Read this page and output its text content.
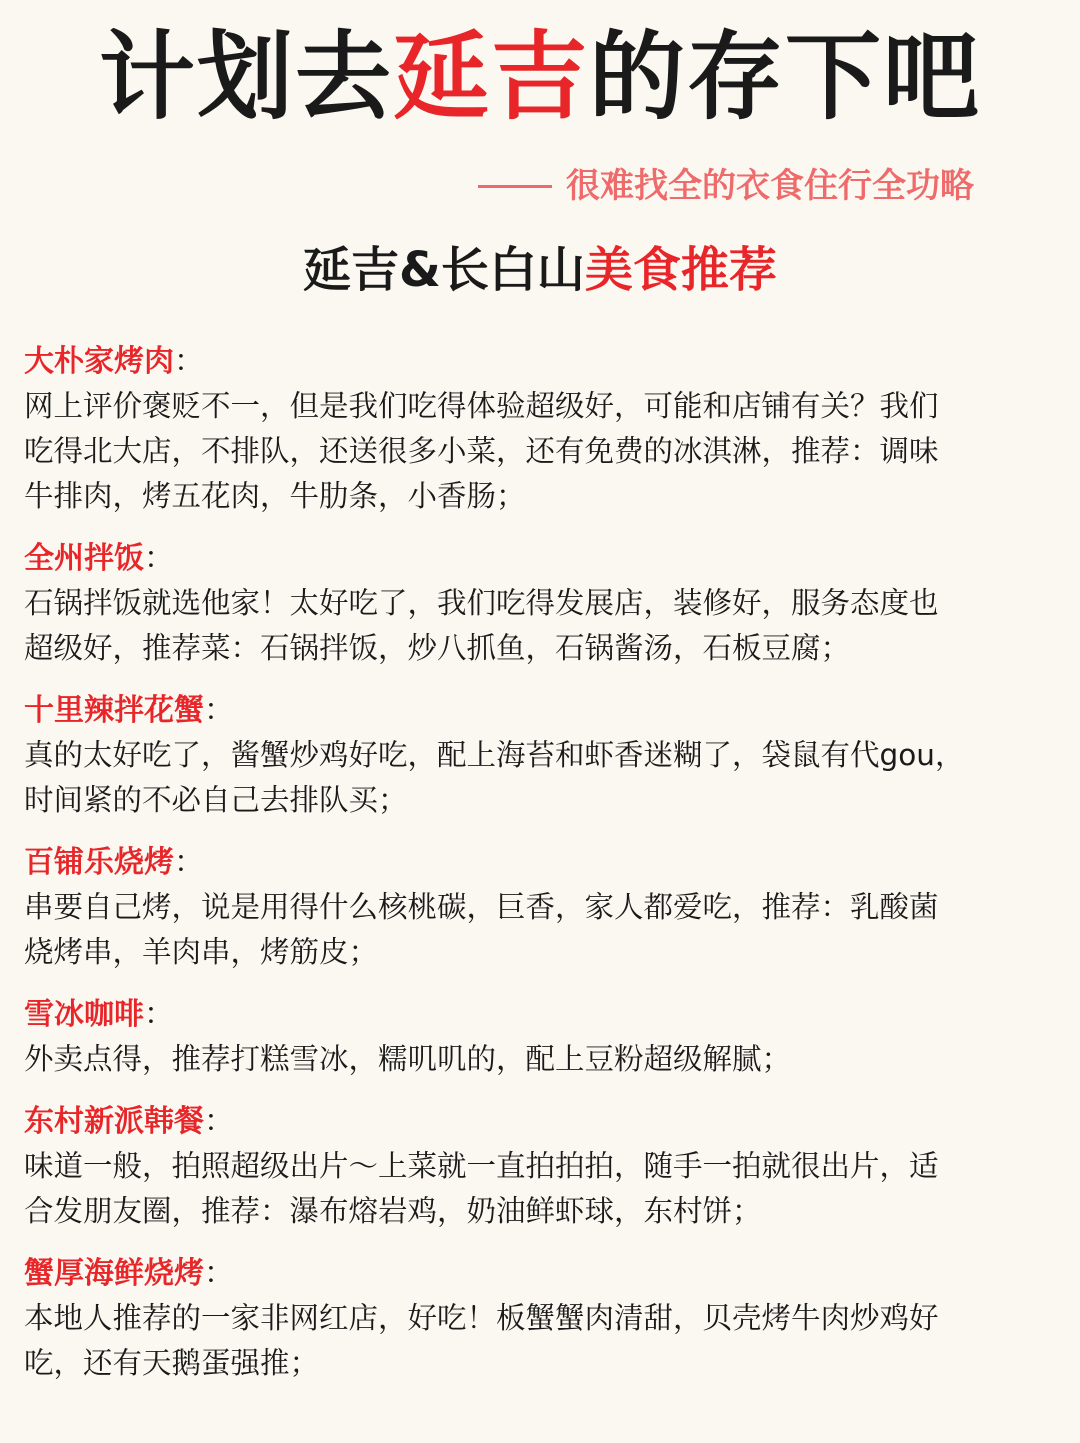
计划去延吉的存下吧
很难找全的衣食住行全功略
延吉&长白山美食推荐
大朴家烤肉：
网上评价褒贬不一，但是我们吃得体验超级好，可能和店铺有关？我们
吃得北大店，不排队，还送很多小菜，还有免费的冰淇淋，推荐：调味
牛排肉，烤五花肉，牛肋条，小香肠；
全州拌饭：
石锅拌饭就选他家！太好吃了，我们吃得发展店，装修好，服务态度也
超级好，推荐菜：石锅拌饭，炒八抓鱼，石锅酱汤，石板豆腐；
十里辣拌花蟹：
真的太好吃了，酱蟹炒鸡好吃，配上海苔和虾香迷糊了，袋鼠有代gou，
时间紧的不必自己去排队买；
百铺乐烧烤：
串要自己烤，说是用得什么核桃碳，巨香，家人都爱吃，推荐：乳酸菌
烧烤串，羊肉串，烤筋皮；
雪冰咖啡：
外卖点得，推荐打糕雪冰，糯叽叽的，配上豆粉超级解腻；
东村新派韩餐：
味道一般，拍照超级出片～上菜就一直拍拍拍，随手一拍就很出片，适
合发朋友圈，推荐：瀑布熔岩鸡，奶油鲜虾球，东村饼；
蟹厚海鲜烧烤：
本地人推荐的一家非网红店，好吃！板蟹蟹肉清甜，贝壳烤牛肉炒鸡好
吃，还有天鹅蛋强推；
